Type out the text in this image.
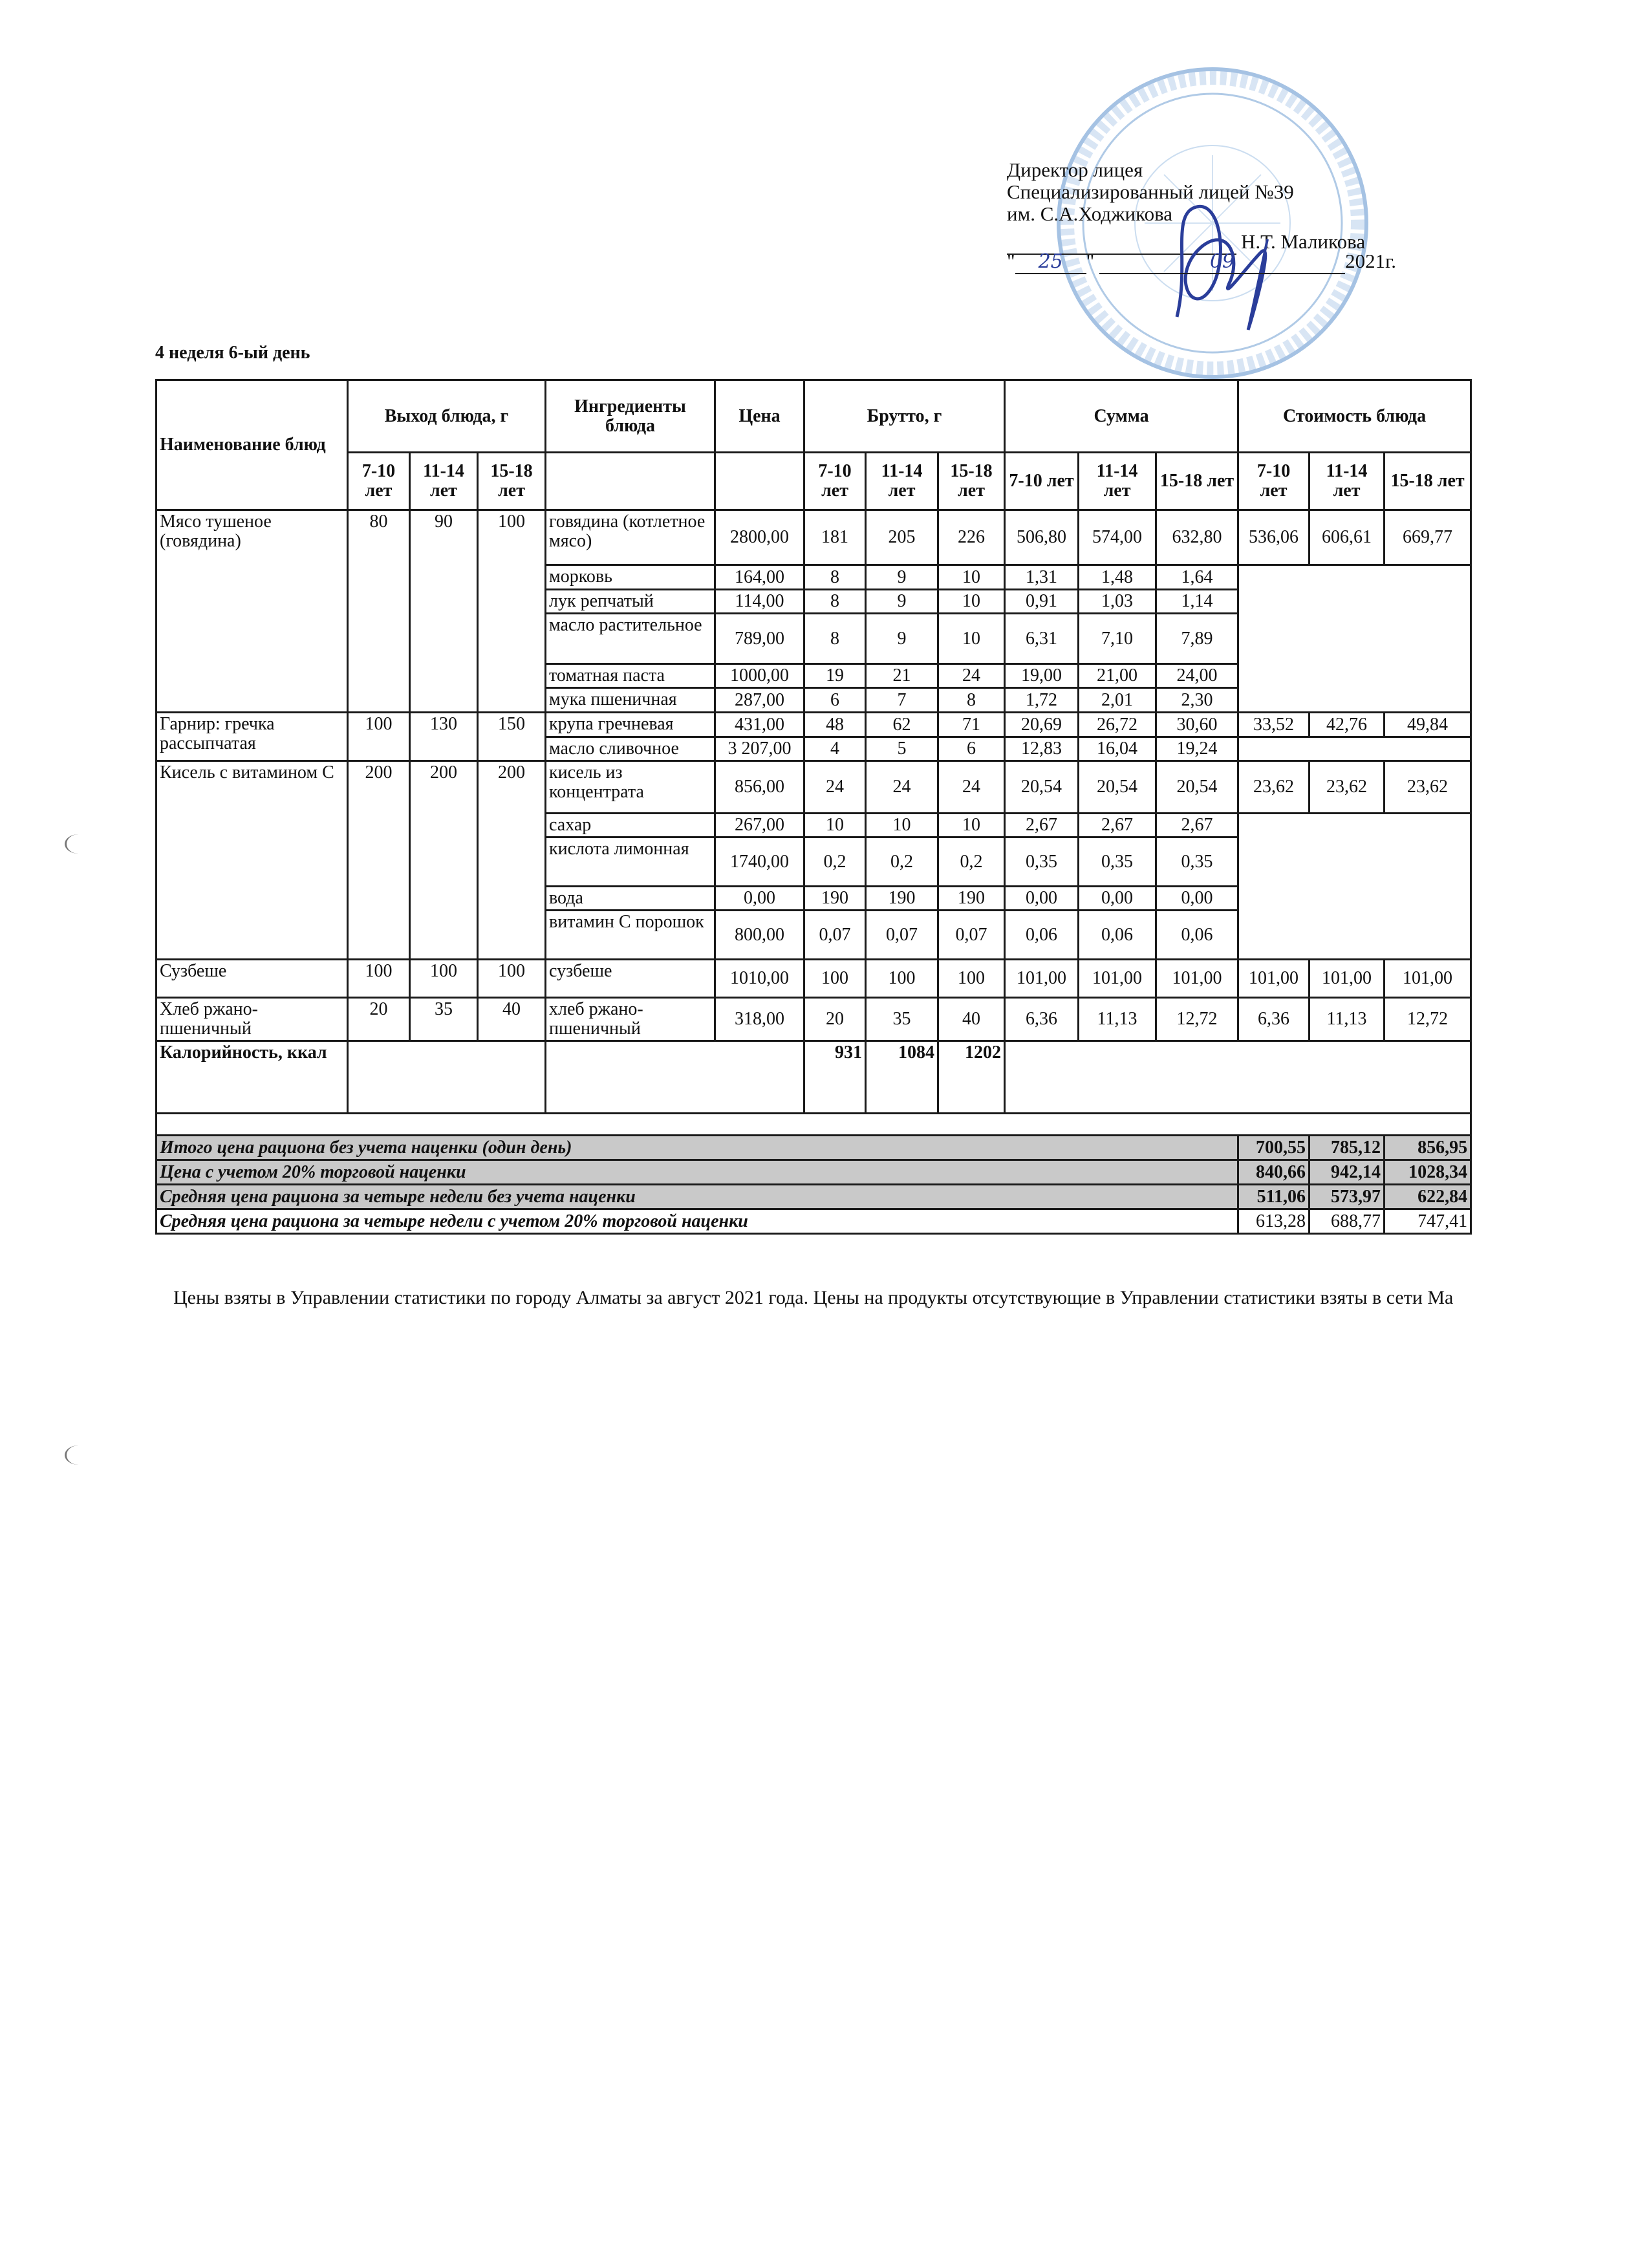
Директор лицея
Специализированный лицей №39
им. С.А.Ходжикова
Н.Т. Маликова
" 25 "	09	2021г.
4 неделя 6-ый день
Наименование блюд	Выход блюда, г			Ингредиенты блюда	Цена	Брутто, г			Сумма			Стоимость блюда		
	7-10 лет	11-14 лет	15-18 лет			7-10 лет	11-14 лет	15-18 лет	7-10 лет	11-14 лет	15-18 лет	7-10 лет	11-14 лет	15-18 лет
Мясо тушеное (говядина)	80	90	100	говядина (котлетное мясо)	2800,00	181	205	226	506,80	574,00	632,80	536,06	606,61	669,77
				морковь	164,00	8	9	10	1,31	1,48	1,64			
				лук репчатый	114,00	8	9	10	0,91	1,03	1,14			
				масло растительное	789,00	8	9	10	6,31	7,10	7,89			
				томатная паста	1000,00	19	21	24	19,00	21,00	24,00			
				мука пшеничная	287,00	6	7	8	1,72	2,01	2,30			
Гарнир: гречка рассыпчатая	100	130	150	крупа гречневая	431,00	48	62	71	20,69	26,72	30,60	33,52	42,76	49,84
				масло сливочное	3 207,00	4	5	6	12,83	16,04	19,24			
Кисель с витамином С	200	200	200	кисель из концентрата	856,00	24	24	24	20,54	20,54	20,54	23,62	23,62	23,62
				сахар	267,00	10	10	10	2,67	2,67	2,67			
				кислота лимонная	1740,00	0,2	0,2	0,2	0,35	0,35	0,35			
				вода	0,00	190	190	190	0,00	0,00	0,00			
				витамин С порошок	800,00	0,07	0,07	0,07	0,06	0,06	0,06			
Сузбеше	100	100	100	сузбеше	1010,00	100	100	100	101,00	101,00	101,00	101,00	101,00	101,00
Хлеб ржано-пшеничный	20	35	40	хлеб ржано-пшеничный	318,00	20	35	40	6,36	11,13	12,72	6,36	11,13	12,72
Калорийность, ккал						931	1084	1202						

Итого цена рациона без учета наценки (один день)												700,55	785,12	856,95
Цена с учетом 20% торговой наценки												840,66	942,14	1028,34
Средняя цена рациона за четыре недели без учета наценки												511,06	573,97	622,84
Средняя цена рациона за четыре недели с учетом 20% торговой наценки												613,28	688,77	747,41
Цены взяты в Управлении статистики по городу Алматы за август 2021 года. Цены на продукты отсутствующие в Управлении статистики взяты в сети Ma
